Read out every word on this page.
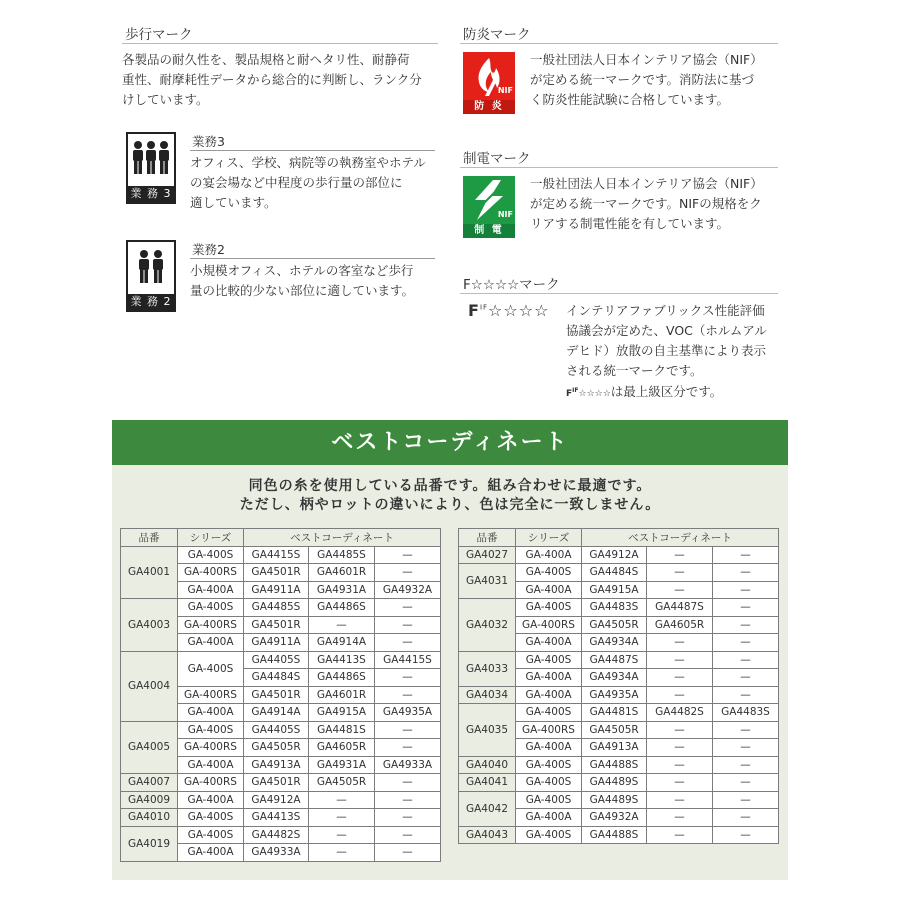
歩行マーク
各製品の耐久性を、製品規格と耐ヘタリ性、耐静荷
重性、耐摩耗性データから総合的に判断し、ランク分
けしています。
業 務 3
業務3
オフィス、学校、病院等の執務室やホテル
の宴会場など中程度の歩行量の部位に
適しています。
業 務 2
業務2
小規模オフィス、ホテルの客室など歩行
量の比較的少ない部位に適しています。
防炎マーク
NIF
防 炎
一般社団法人日本インテリア協会（NIF）
が定める統一マークです。消防法に基づ
く防炎性能試験に合格しています。
制電マーク
NIF
制 電
一般社団法人日本インテリア協会（NIF）
が定める統一マークです。NIFの規格をク
リアする制電性能を有しています。
F☆☆☆☆マーク
$F^{IF}☆☆☆☆$ インテリアファブリックス性能評価
協議会が定めた、VOC（ホルムアル
デヒド）放散の自主基準により表示
される統一マークです。
$F^{IF}☆☆☆☆$は最上級区分です。
ベストコーディネート
同色の糸を使用している品番です。組み合わせに最適です。
ただし、柄やロットの違いにより、色は完全に一致しません。
品番	シリーズ	ベストコーディネート		
GA4001	GA-400S	GA4415S	GA4485S	—
	GA-400RS	GA4501R	GA4601R	—
	GA-400A	GA4911A	GA4931A	GA4932A
GA4003	GA-400S	GA4485S	GA4486S	—
	GA-400RS	GA4501R	—	—
	GA-400A	GA4911A	GA4914A	—
GA4004	GA-400S	GA4405S	GA4413S	GA4415S
		GA4484S	GA4486S	—
	GA-400RS	GA4501R	GA4601R	—
	GA-400A	GA4914A	GA4915A	GA4935A
GA4005	GA-400S	GA4405S	GA4481S	—
	GA-400RS	GA4505R	GA4605R	—
	GA-400A	GA4913A	GA4931A	GA4933A
GA4007	GA-400RS	GA4501R	GA4505R	—
GA4009	GA-400A	GA4912A	—	—
GA4010	GA-400S	GA4413S	—	—
GA4019	GA-400S	GA4482S	—	—
	GA-400A	GA4933A	—	—
品番	シリーズ	ベストコーディネート		
GA4027	GA-400A	GA4912A	—	—
GA4031	GA-400S	GA4484S	—	—
	GA-400A	GA4915A	—	—
GA4032	GA-400S	GA4483S	GA4487S	—
	GA-400RS	GA4505R	GA4605R	—
	GA-400A	GA4934A	—	—
GA4033	GA-400S	GA4487S	—	—
	GA-400A	GA4934A	—	—
GA4034	GA-400A	GA4935A	—	—
GA4035	GA-400S	GA4481S	GA4482S	GA4483S
	GA-400RS	GA4505R	—	—
	GA-400A	GA4913A	—	—
GA4040	GA-400S	GA4488S	—	—
GA4041	GA-400S	GA4489S	—	—
GA4042	GA-400S	GA4489S	—	—
	GA-400A	GA4932A	—	—
GA4043	GA-400S	GA4488S	—	—
